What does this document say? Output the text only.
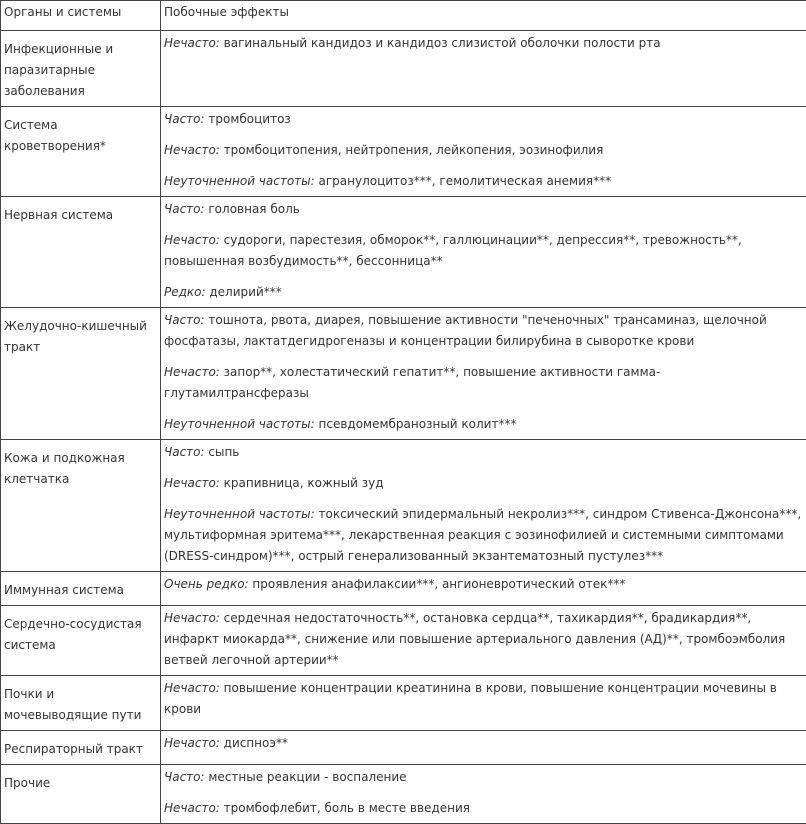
Органы и системы	Побочные эффекты
Инфекционные и паразитарные заболевания	Нечасто: вагинальный кандидоз и кандидоз слизистой оболочки полости рта

Система кроветворения*	Часто: тромбоцитоз
Нечасто: тромбоцитопения, нейтропения, лейкопения, эозинофилия
Неуточненной частоты: агранулоцитоз***, гемолитическая анемия***

Нервная система	Часто: головная боль
Нечасто: судороги, парестезия, обморок**, галлюцинации**, депрессия**, тревожность**, повышенная возбудимость**, бессонница**
Редко: делирий***

Желудочно-кишечный тракт	Часто: тошнота, рвота, диарея, повышение активности "печеночных" трансаминаз, щелочной фосфатазы, лактатдегидрогеназы и концентрации билирубина в сыворотке крови
Нечасто: запор**, холестатический гепатит**, повышение активности гамма-глутамилтрансферазы
Неуточненной частоты: псевдомембранозный колит***

Кожа и подкожная клетчатка	Часто: сыпь
Нечасто: крапивница, кожный зуд
Неуточненной частоты: токсический эпидермальный некролиз***, синдром Стивенса-Джонсона***, мультиформная эритема***, лекарственная реакция с эозинофилией и системными симптомами (DRESS-синдром)***, острый генерализованный экзантематозный пустулез***

Иммунная система	Очень редко: проявления анафилаксии***, ангионевротический отек***

Сердечно-сосудистая система	Нечасто: сердечная недостаточность**, остановка сердца**, тахикардия**, брадикардия**, инфаркт миокарда**, снижение или повышение артериального давления (АД)**, тромбоэмболия ветвей легочной артерии**

Почки и мочевыводящие пути	Нечасто: повышение концентрации креатинина в крови, повышение концентрации мочевины в крови

Респираторный тракт	Нечасто: диспноэ**

Прочие	Часто: местные реакции - воспаление
Нечасто: тромбофлебит, боль в месте введения
